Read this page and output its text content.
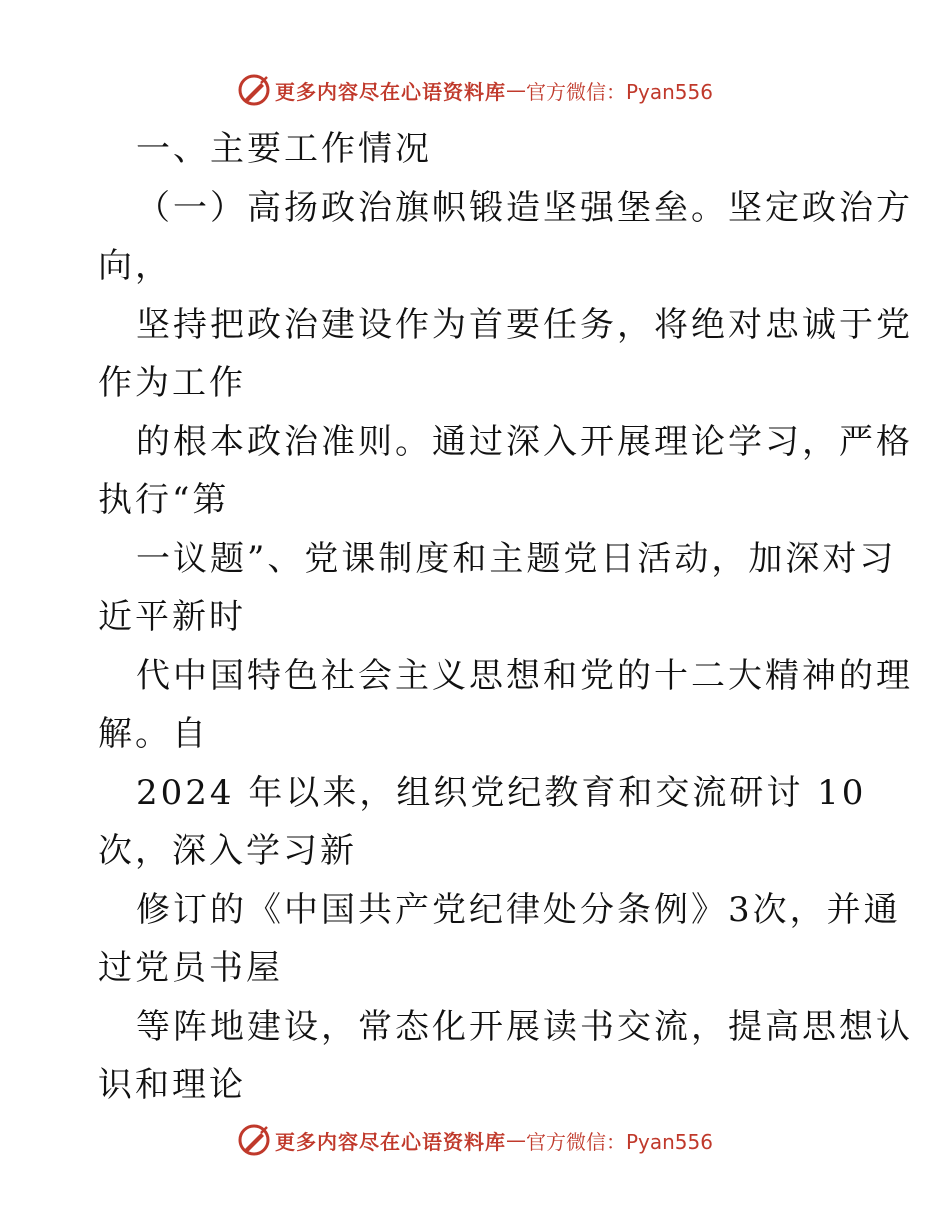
更多内容尽在心语资料库 — 官方微信：Pyan556
一、主要工作情况
（一）高扬政治旗帜锻造坚强堡垒。坚定政治方
向，
坚持把政治建设作为首要任务，将绝对忠诚于党
作为工作
的根本政治准则。通过深入开展理论学习，严格
执行“第
一议题”、党课制度和主题党日活动，加深对习
近平新时
代中国特色社会主义思想和党的十二大精神的理
解。自
2024 年以来，组织党纪教育和交流研讨 10
次，深入学习新
修订的《中国共产党纪律处分条例》3次，并通
过党员书屋
等阵地建设，常态化开展读书交流，提高思想认
识和理论
更多内容尽在心语资料库 — 官方微信：Pyan556
